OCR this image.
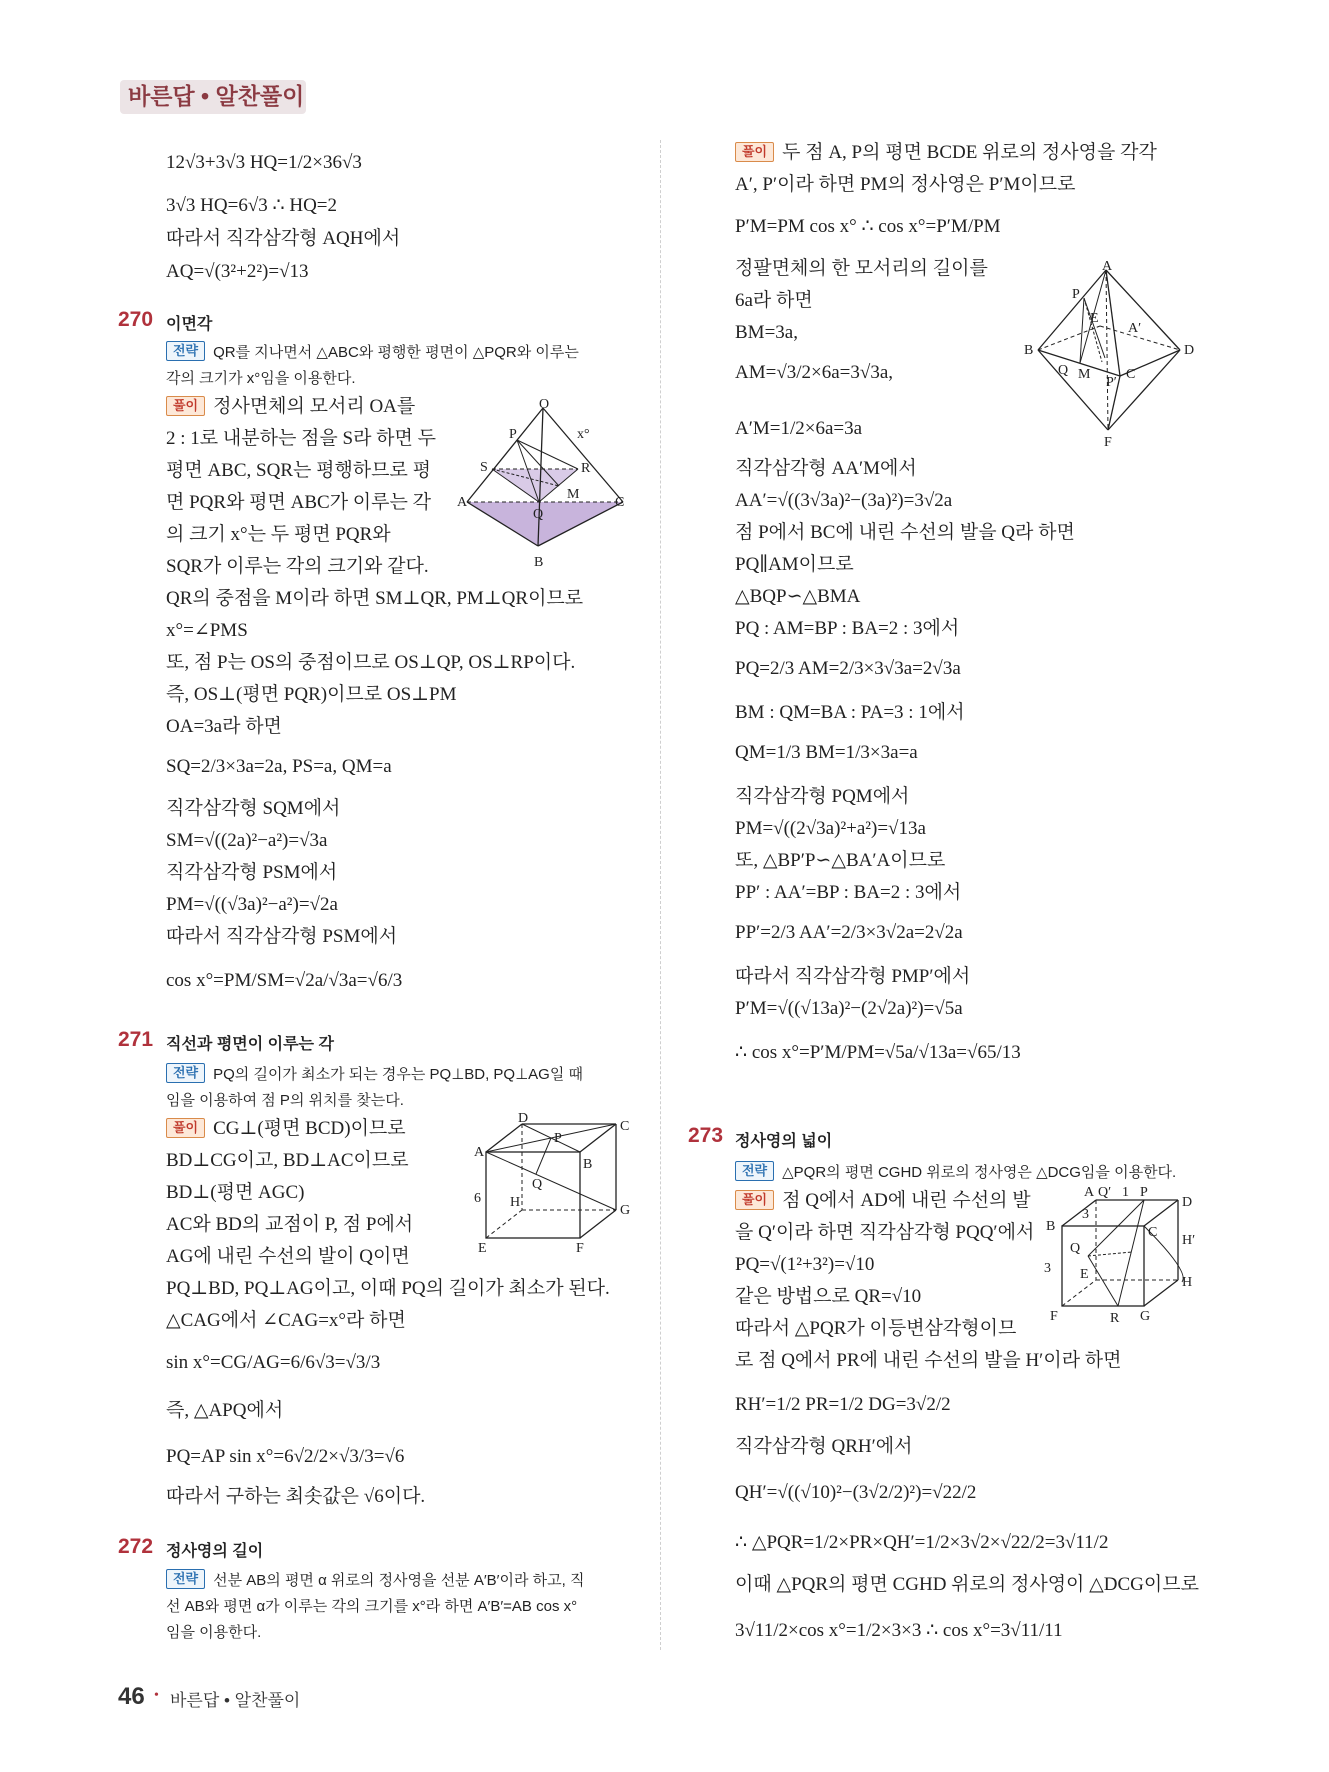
바른답 • 알찬풀이
12√3+3√3 HQ=1/2×36√3
3√3 HQ=6√3 ∴ HQ=2
따라서 직각삼각형 AQH에서
AQ=√(3²+2²)=√13
270 이면각
전략 QR를 지나면서 △ABC와 평행한 평면이 △PQR와 이루는
각의 크기가 x°임을 이용한다.
풀이 정사면체의 모서리 OA를
2 : 1로 내분하는 점을 S라 하면 두
평면 ABC, SQR는 평행하므로 평
면 PQR와 평면 ABC가 이루는 각
의 크기 x°는 두 평면 PQR와
SQR가 이루는 각의 크기와 같다.
QR의 중점을 M이라 하면 SM⊥QR, PM⊥QR이므로
x°=∠PMS
또, 점 P는 OS의 중점이므로 OS⊥QP, OS⊥RP이다.
즉, OS⊥(평면 PQR)이므로 OS⊥PM
OA=3a라 하면
SQ=2/3×3a=2a, PS=a, QM=a
직각삼각형 SQM에서
SM=√((2a)²−a²)=√3a
직각삼각형 PSM에서
PM=√((√3a)²−a²)=√2a
따라서 직각삼각형 PSM에서
cos x°=PM/SM=√2a/√3a=√6/3
O
P	x°
S	R
A
M
C
Q
B
271 직선과 평면이 이루는 각
전략 PQ의 길이가 최소가 되는 경우는 PQ⊥BD, PQ⊥AG일 때
임을 이용하여 점 P의 위치를 찾는다.
풀이 CG⊥(평면 BCD)이므로
BD⊥CG이고, BD⊥AC이므로
BD⊥(평면 AGC)
AC와 BD의 교점이 P, 점 P에서
AG에 내린 수선의 발이 Q이면
PQ⊥BD, PQ⊥AG이고, 이때 PQ의 길이가 최소가 된다.
△CAG에서 ∠CAG=x°라 하면
sin x°=CG/AG=6/6√3=√3/3
즉, △APQ에서
PQ=AP sin x°=6√2/2×√3/3=√6
따라서 구하는 최솟값은 √6이다.
D
C
A
P
B
Q
6 H
G
E	F
272 정사영의 길이
전략 선분 AB의 평면 α 위로의 정사영을 선분 A′B′이라 하고, 직
선 AB와 평면 α가 이루는 각의 크기를 x°라 하면 A′B′=AB cos x°
임을 이용한다.
풀이 두 점 A, P의 평면 BCDE 위로의 정사영을 각각
A′, P′이라 하면 PM의 정사영은 P′M이므로
P′M=PM cos x° ∴ cos x°=P′M/PM
정팔면체의 한 모서리의 길이를
6a라 하면
BM=3a,
AM=√3/2×6a=3√3a,
A′M=1/2×6a=3a
직각삼각형 AA′M에서
AA′=√((3√3a)²−(3a)²)=3√2a
점 P에서 BC에 내린 수선의 발을 Q라 하면
PQ∥AM이므로
△BQP∽△BMA
PQ : AM=BP : BA=2 : 3에서
PQ=2/3 AM=2/3×3√3a=2√3a
BM : QM=BA : PA=3 : 1에서
QM=1/3 BM=1/3×3a=a
직각삼각형 PQM에서
PM=√((2√3a)²+a²)=√13a
또, △BP′P∽△BA′A이므로
PP′ : AA′=BP : BA=2 : 3에서
PP′=2/3 AA′=2/3×3√2a=2√2a
따라서 직각삼각형 PMP′에서
P′M=√((√13a)²−(2√2a)²)=√5a
∴ cos x°=P′M/PM=√5a/√13a=√65/13
A
P
E
A′
B	D
Q M
P′
C
F
273 정사영의 넓이
전략 △PQR의 평면 CGHD 위로의 정사영은 △DCG임을 이용한다.
풀이 점 Q에서 AD에 내린 수선의 발
을 Q′이라 하면 직각삼각형 PQQ′에서
PQ=√(1²+3²)=√10
같은 방법으로 QR=√10
따라서 △PQR가 이등변삼각형이므
로 점 Q에서 PR에 내린 수선의 발을 H′이라 하면
RH′=1/2 PR=1/2 DG=3√2/2
직각삼각형 QRH′에서
QH′=√((√10)²−(3√2/2)²)=√22/2
∴ △PQR=1/2×PR×QH′=1/2×3√2×√22/2=3√11/2
이때 △PQR의 평면 CGHD 위로의 정사영이 △DCG이므로
3√11/2×cos x°=1/2×3×3 ∴ cos x°=3√11/11
A Q′ 1 P
D
3
B	C
H′
Q
3 E
H
F	R G
46 • 바른답 • 알찬풀이
